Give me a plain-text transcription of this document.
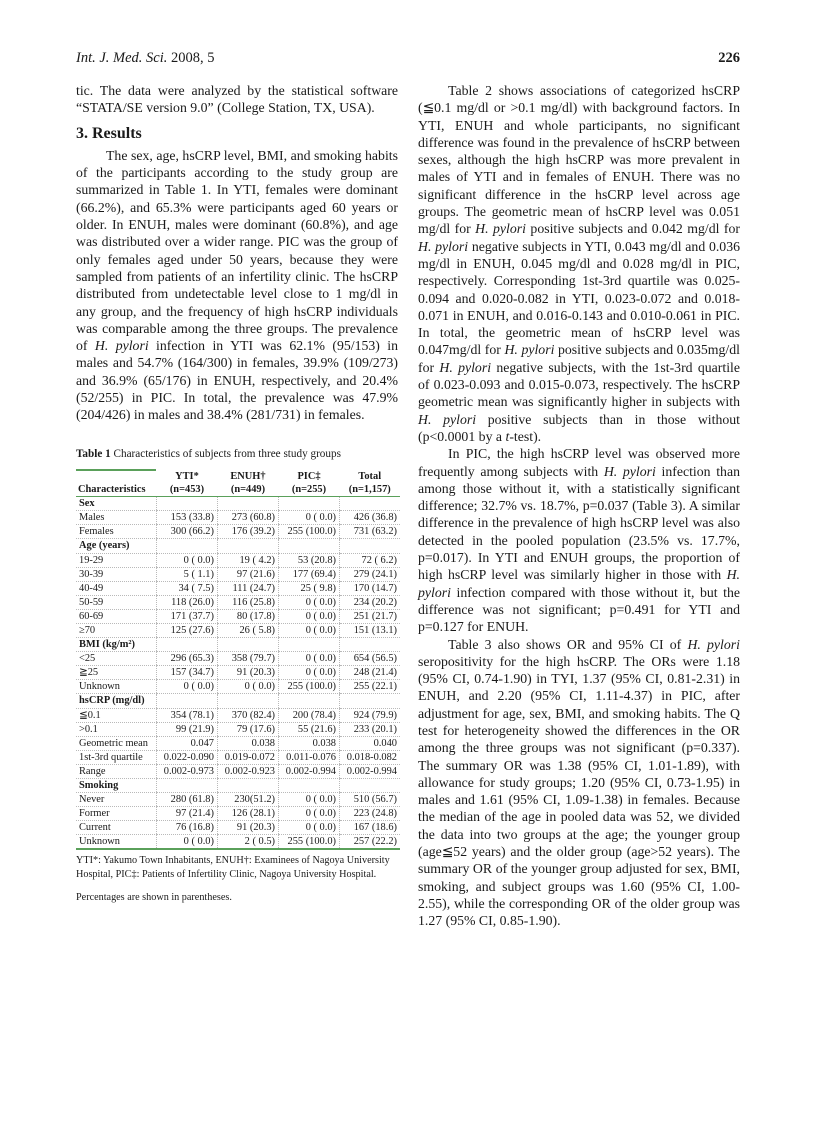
Int. J. Med. Sci. 2008, 5	226

tic. The data were analyzed by the statistical software “STATA/SE version 9.0” (College Station, TX, USA).

3. Results

The sex, age, hsCRP level, BMI, and smoking habits of the participants according to the study group are summarized in Table 1. In YTI, females were dominant (66.2%), and 65.3% were participants aged 60 years or older. In ENUH, males were dominant (60.8%), and age was distributed over a wider range. PIC was the group of only females aged under 50 years, because they were sampled from patients of an infertility clinic. The hsCRP distributed from undetectable level close to 1 mg/dl in any group, and the frequency of high hsCRP individuals was comparable among the three groups. The prevalence of H. pylori infection in YTI was 62.1% (95/153) in males and 54.7% (164/300) in females, 39.9% (109/273) and 36.9% (65/176) in ENUH, respectively, and 20.4% (52/255) in PIC. In total, the prevalence was 47.9% (204/426) in males and 38.4% (281/731) in females.

Table 1 Characteristics of subjects from three study groups
	YTI*	ENUH†	PIC‡	Total
Characteristics	(n=453)	(n=449)	(n=255)	(n=1,157)
Sex				
Males	153 (33.8)	273 (60.8)	0 ( 0.0)	426 (36.8)
Females	300 (66.2)	176 (39.2)	255 (100.0)	731 (63.2)
Age (years)				
19-29	0 ( 0.0)	19 ( 4.2)	53 (20.8)	72 ( 6.2)
30-39	5 ( 1.1)	97 (21.6)	177 (69.4)	279 (24.1)
40-49	34 ( 7.5)	111 (24.7)	25 ( 9.8)	170 (14.7)
50-59	118 (26.0)	116 (25.8)	0 ( 0.0)	234 (20.2)
60-69	171 (37.7)	80 (17.8)	0 ( 0.0)	251 (21.7)
≥70	125 (27.6)	26 ( 5.8)	0 ( 0.0)	151 (13.1)
BMI (kg/m²)				
<25	296 (65.3)	358 (79.7)	0 ( 0.0)	654 (56.5)
≧25	157 (34.7)	91 (20.3)	0 ( 0.0)	248 (21.4)
Unknown	0 ( 0.0)	0 ( 0.0)	255 (100.0)	255 (22.1)
hsCRP (mg/dl)				
≦0.1	354 (78.1)	370 (82.4)	200 (78.4)	924 (79.9)
>0.1	99 (21.9)	79 (17.6)	55 (21.6)	233 (20.1)
Geometric mean	0.047	0.038	0.038	0.040
1st-3rd quartile	0.022-0.090	0.019-0.072	0.011-0.076	0.018-0.082
Range	0.002-0.973	0.002-0.923	0.002-0.994	0.002-0.994
Smoking				
Never	280 (61.8)	230(51.2)	0 ( 0.0)	510 (56.7)
Former	97 (21.4)	126 (28.1)	0 ( 0.0)	223 (24.8)
Current	76 (16.8)	91 (20.3)	0 ( 0.0)	167 (18.6)
Unknown	0 ( 0.0)	2 ( 0.5)	255 (100.0)	257 (22.2)
YTI*: Yakumo Town Inhabitants, ENUH†: Examinees of Nagoya University Hospital, PIC‡: Patients of Infertility Clinic, Nagoya University Hospital.
Percentages are shown in parentheses.

Table 2 shows associations of categorized hsCRP (≦0.1 mg/dl or >0.1 mg/dl) with background factors. In YTI, ENUH and whole participants, no significant difference was found in the prevalence of hsCRP between sexes, although the high hsCRP was more prevalent in males of YTI and in females of ENUH. There was no significant difference in the hsCRP level across age groups. The geometric mean of hsCRP level was 0.051 mg/dl for H. pylori positive subjects and 0.042 mg/dl for H. pylori negative subjects in YTI, 0.043 mg/dl and 0.036 mg/dl in ENUH, 0.045 mg/dl and 0.028 mg/dl in PIC, respectively. Corresponding 1st-3rd quartile was 0.025-0.094 and 0.020-0.082 in YTI, 0.023-0.072 and 0.018-0.071 in ENUH, and 0.016-0.143 and 0.010-0.061 in PIC. In total, the geometric mean of hsCRP level was 0.047mg/dl for H. pylori positive subjects and 0.035mg/dl for H. pylori negative subjects, with the 1st-3rd quartile of 0.023-0.093 and 0.015-0.073, respectively. The hsCRP geometric mean was significantly higher in subjects with H. pylori positive subjects than in those without (p<0.0001 by a t-test).

In PIC, the high hsCRP level was observed more frequently among subjects with H. pylori infection than among those without it, with a statistically significant difference; 32.7% vs. 18.7%, p=0.037 (Table 3). A similar difference in the prevalence of high hsCRP level was also detected in the pooled population (23.5% vs. 17.7%, p=0.017). In YTI and ENUH groups, the proportion of high hsCRP level was similarly higher in those with H. pylori infection compared with those without it, but the difference was not significant; p=0.491 for YTI and p=0.127 for ENUH.

Table 3 also shows OR and 95% CI of H. pylori seropositivity for the high hsCRP. The ORs were 1.18 (95% CI, 0.74-1.90) in TYI, 1.37 (95% CI, 0.81-2.31) in ENUH, and 2.20 (95% CI, 1.11-4.37) in PIC, after adjustment for age, sex, BMI, and smoking habits. The Q test for heterogeneity showed the differences in the OR among the three groups was not significant (p=0.337). The summary OR was 1.38 (95% CI, 1.01-1.89), with allowance for study groups; 1.20 (95% CI, 0.73-1.95) in males and 1.61 (95% CI, 1.09-1.38) in females. Because the median of the age in pooled data was 52, we divided the data into two groups at the age; the younger group (age≦52 years) and the older group (age>52 years). The summary OR of the younger group adjusted for sex, BMI, smoking, and subject groups was 1.60 (95% CI, 1.00-2.55), while the corresponding OR of the older group was 1.27 (95% CI, 0.85-1.90).
